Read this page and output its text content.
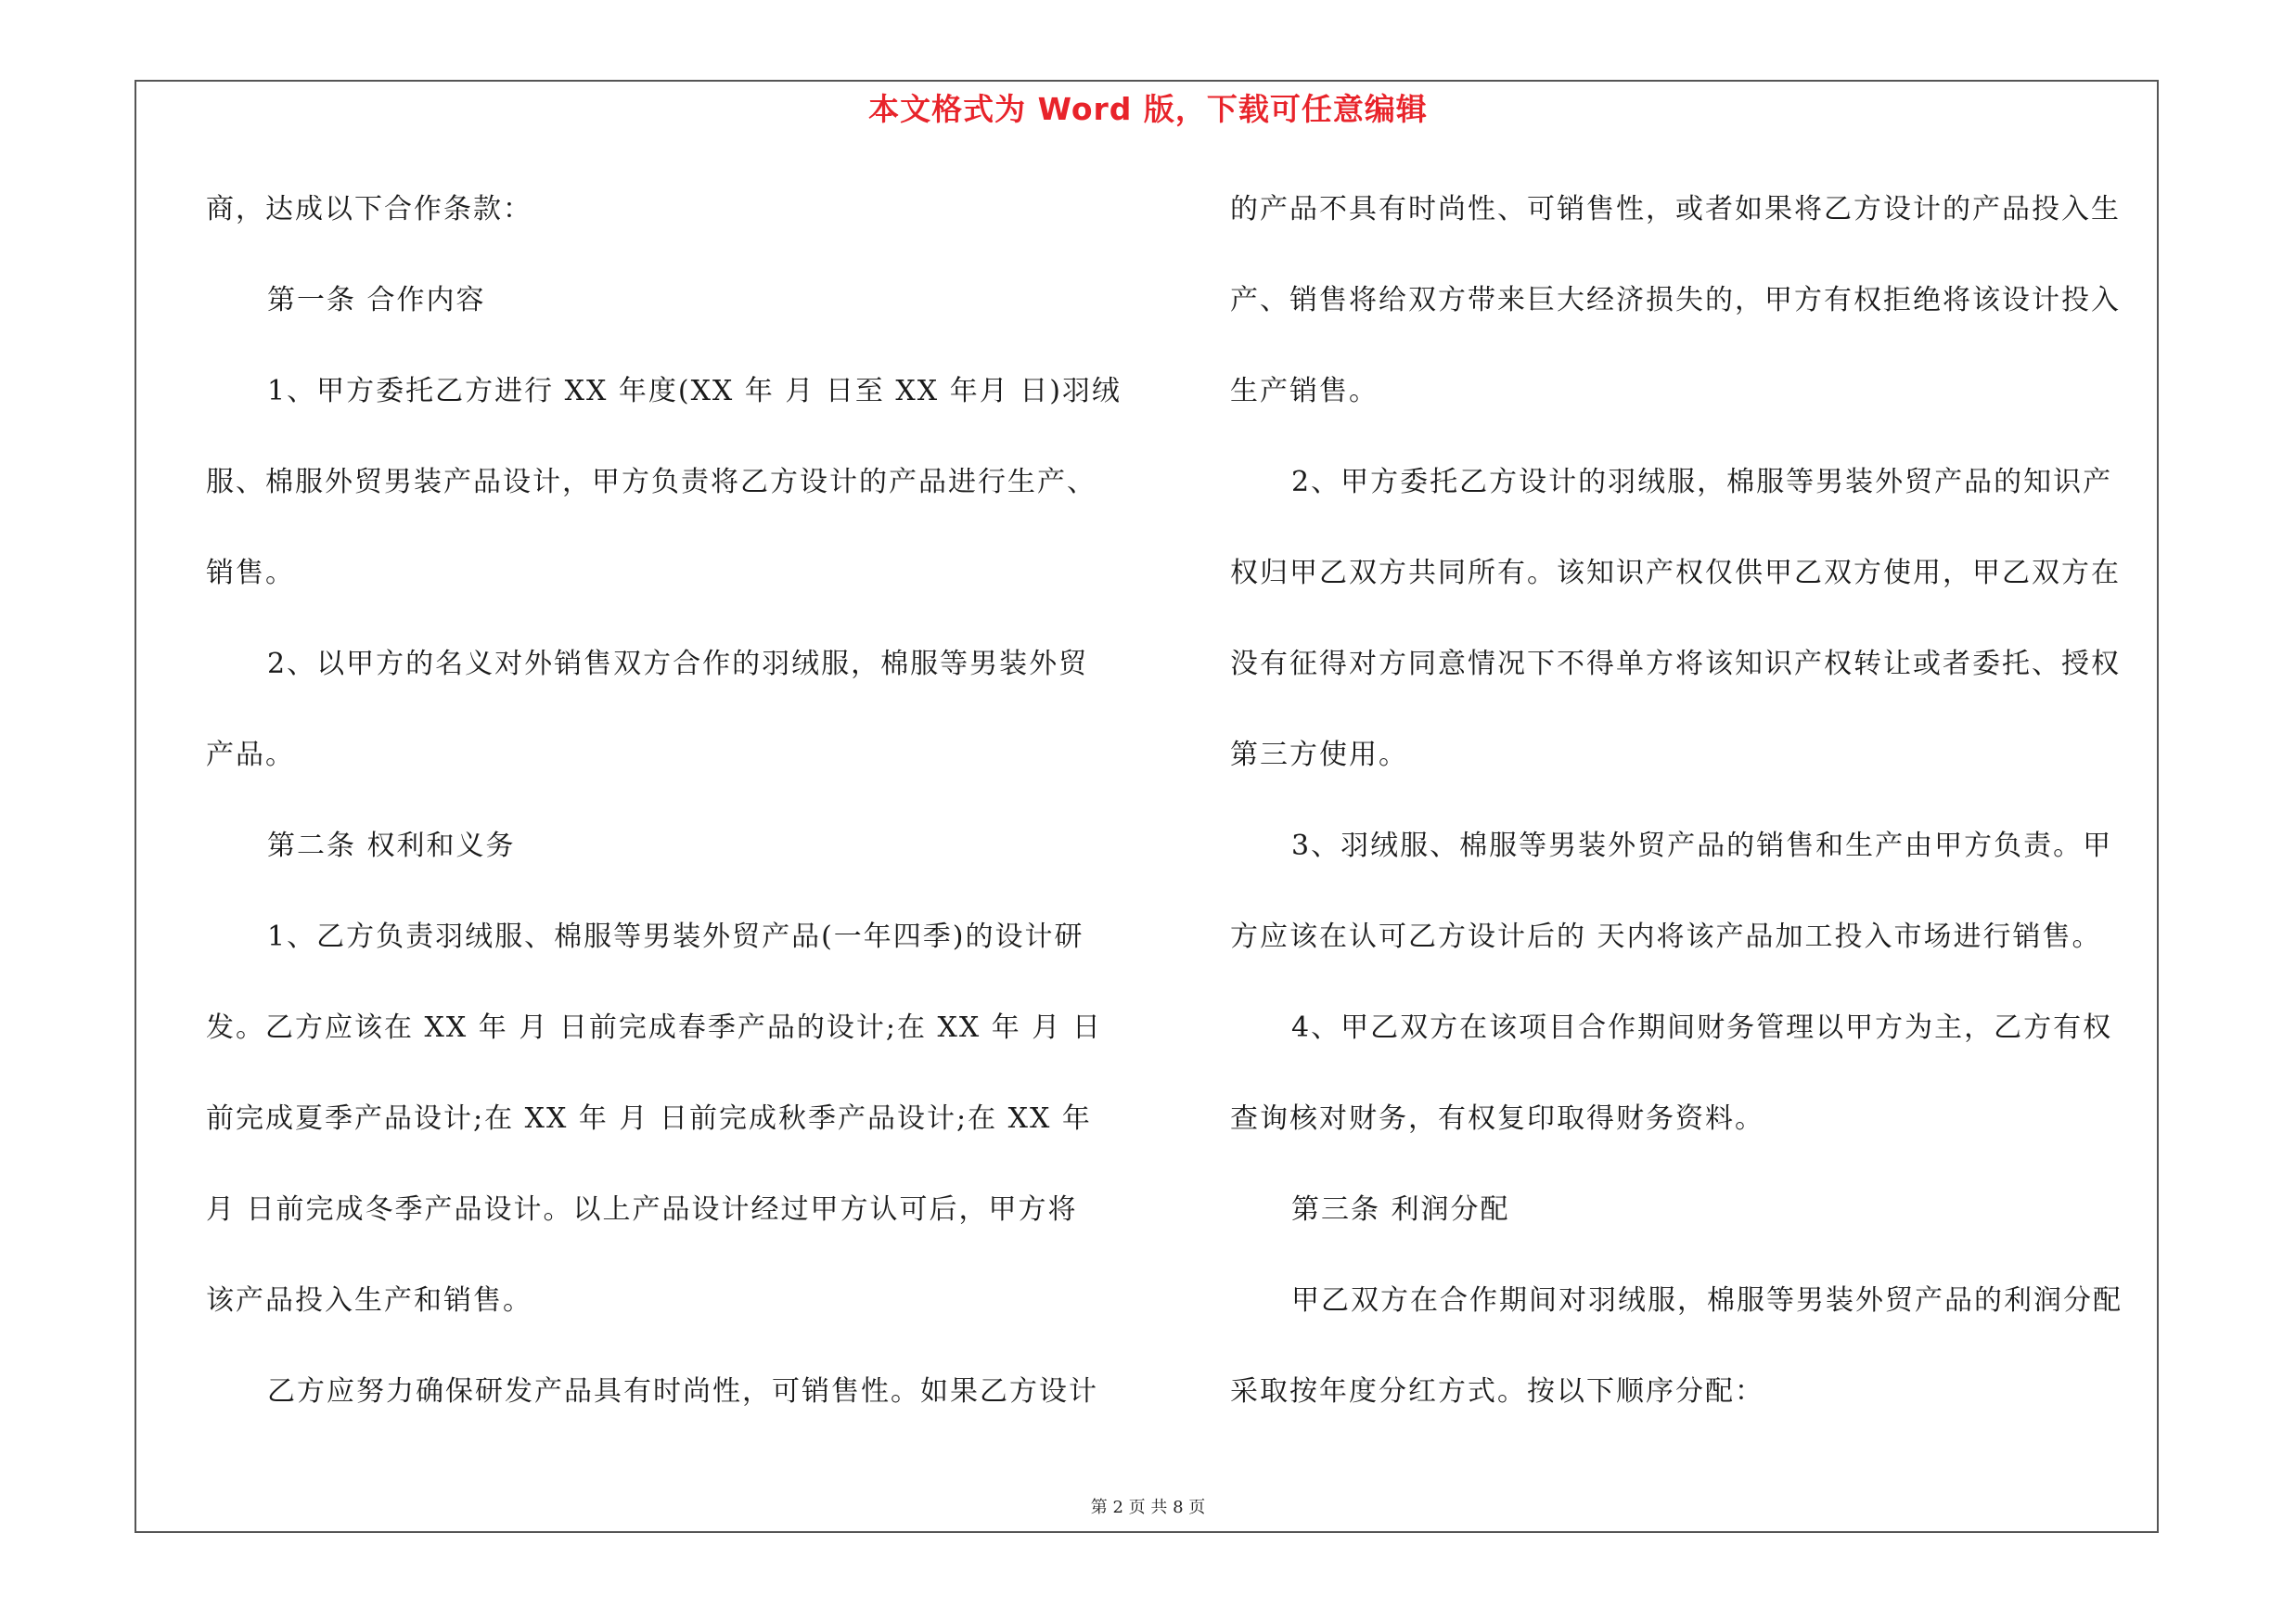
本文格式为 Word 版，下载可任意编辑
商，达成以下合作条款：
第一条 合作内容
1、甲方委托乙方进行 XX 年度(XX 年 月 日至 XX 年月 日)羽绒
服、棉服外贸男装产品设计，甲方负责将乙方设计的产品进行生产、
销售。
2、以甲方的名义对外销售双方合作的羽绒服，棉服等男装外贸
产品。
第二条 权利和义务
1、乙方负责羽绒服、棉服等男装外贸产品(一年四季)的设计研
发。乙方应该在 XX 年 月 日前完成春季产品的设计;在 XX 年 月 日
前完成夏季产品设计;在 XX 年 月 日前完成秋季产品设计;在 XX 年
月 日前完成冬季产品设计。以上产品设计经过甲方认可后，甲方将
该产品投入生产和销售。
乙方应努力确保研发产品具有时尚性，可销售性。如果乙方设计
的产品不具有时尚性、可销售性，或者如果将乙方设计的产品投入生
产、销售将给双方带来巨大经济损失的，甲方有权拒绝将该设计投入
生产销售。
2、甲方委托乙方设计的羽绒服，棉服等男装外贸产品的知识产
权归甲乙双方共同所有。该知识产权仅供甲乙双方使用，甲乙双方在
没有征得对方同意情况下不得单方将该知识产权转让或者委托、授权
第三方使用。
3、羽绒服、棉服等男装外贸产品的销售和生产由甲方负责。甲
方应该在认可乙方设计后的 天内将该产品加工投入市场进行销售。
4、甲乙双方在该项目合作期间财务管理以甲方为主，乙方有权
查询核对财务，有权复印取得财务资料。
第三条 利润分配
甲乙双方在合作期间对羽绒服，棉服等男装外贸产品的利润分配
采取按年度分红方式。按以下顺序分配：
第 2 页 共 8 页
